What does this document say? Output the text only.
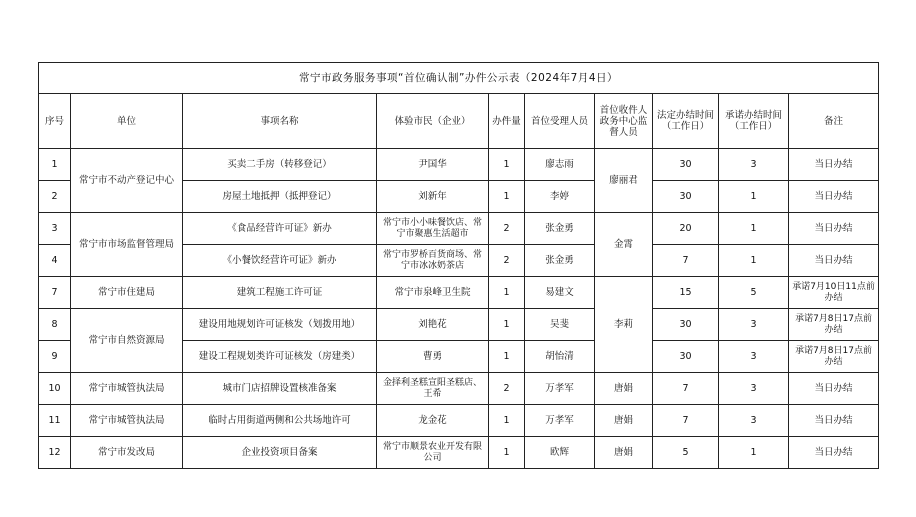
常宁市政务服务事项“首位确认制”办件公示表（2024年7月4日）									
序号	单位	事项名称	体验市民（企业）	办件量	首位受理人员	首位收件人政务中心监督人员	法定办结时间（工作日）	承诺办结时间（工作日）	备注
1	常宁市不动产登记中心	买卖二手房（转移登记）	尹国华	1	廖志雨	廖丽君	30	3	当日办结
2		房屋土地抵押（抵押登记）	刘新年	1	李婷		30	1	当日办结
3	常宁市市场监督管理局	《食品经营许可证》新办	常宁市小小味餐饮店、常宁市聚惠生活超市	2	张金勇	金霄	20	1	当日办结
4		《小餐饮经营许可证》新办	常宁市罗桥百货商场、常宁市冰冰奶茶店	2	张金勇		7	1	当日办结
7	常宁市住建局	建筑工程施工许可证	常宁市泉峰卫生院	1	易建文	李莉	15	5	承诺7月10日11点前办结
8	常宁市自然资源局	建设用地规划许可证核发（划拨用地）	刘艳花	1	吴斐		30	3	承诺7月8日17点前办结
9		建设工程规划类许可证核发（房建类）	曹勇	1	胡怡清		30	3	承诺7月8日17点前办结
10	常宁市城管执法局	城市门店招牌设置核准备案	金择利圣糕宣阳圣糕店、王希	2	万孝军	唐娟	7	3	当日办结
11	常宁市城管执法局	临时占用街道两侧和公共场地许可	龙金花	1	万孝军	唐娟	7	3	当日办结
12	常宁市发改局	企业投资项目备案	常宁市顺景农业开发有限公司	1	欧辉	唐娟	5	1	当日办结
